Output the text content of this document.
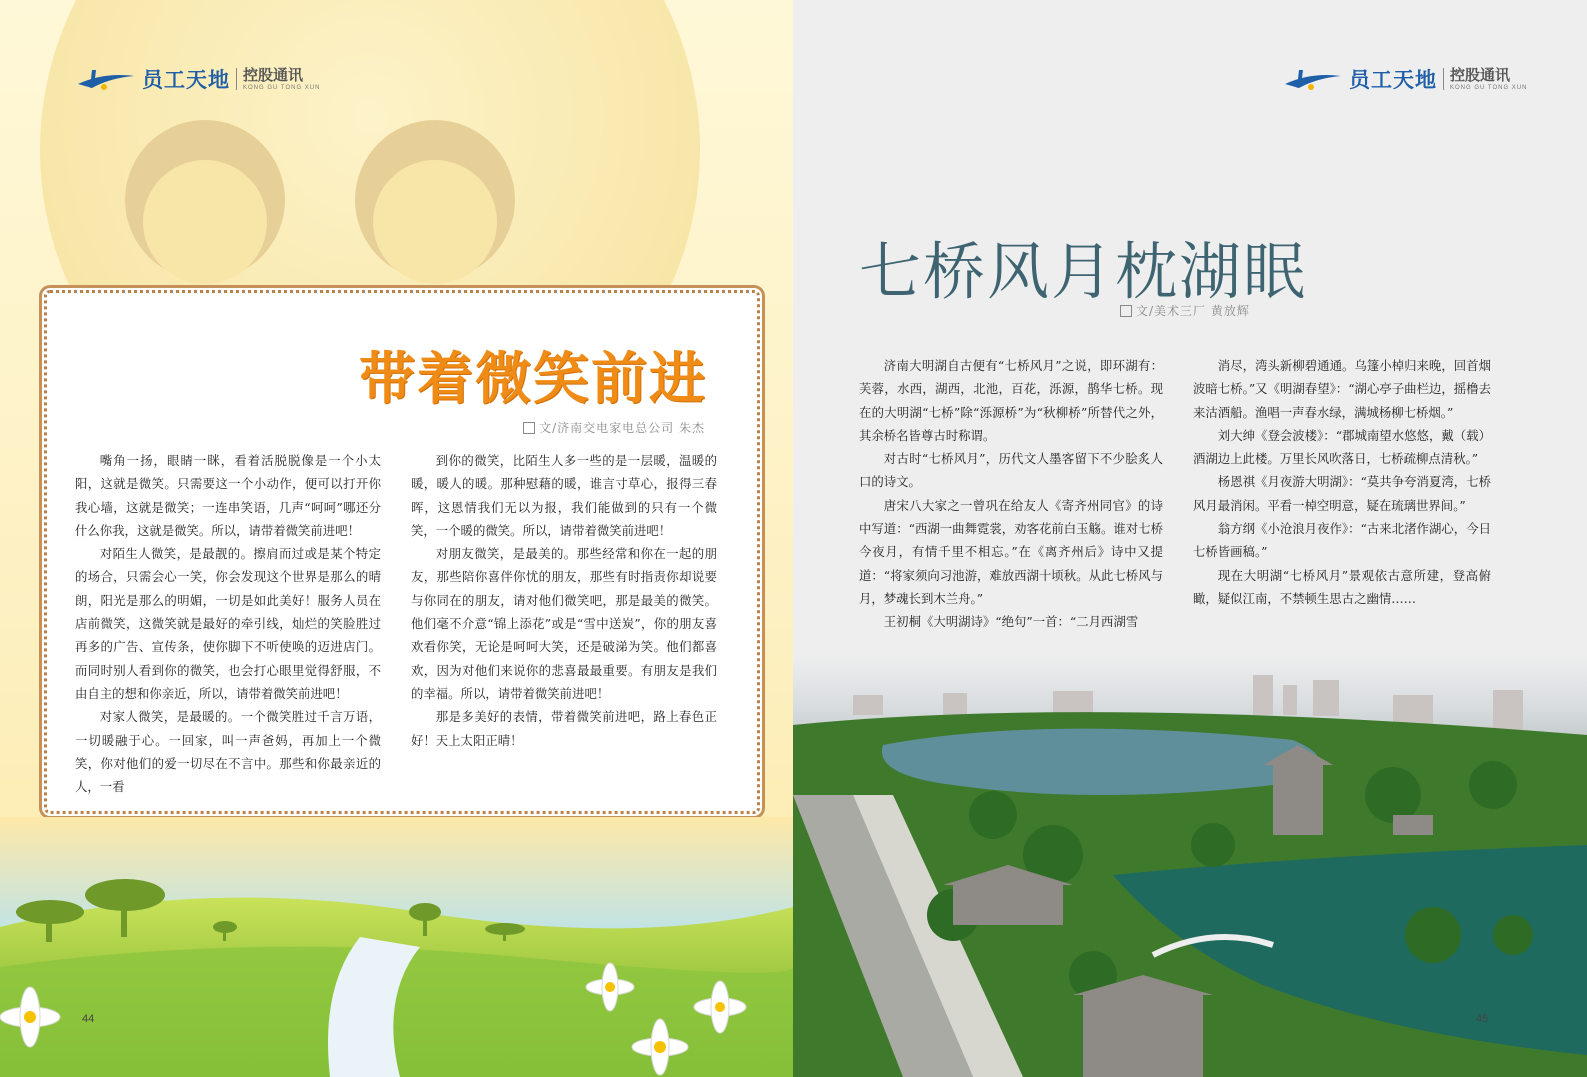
员工天地 控股通讯
KONG GU TONG XUN
带着微笑前进
文/济南交电家电总公司 朱杰

嘴角一扬，眼睛一眯，看着活脱脱像是一个小太阳，这就是微笑。只需要这一个小动作，便可以打开你我心墙，这就是微笑；一连串笑语，几声“呵呵”哪还分什么你我，这就是微笑。所以，请带着微笑前进吧！

对陌生人微笑，是最靓的。擦肩而过或是某个特定的场合，只需会心一笑，你会发现这个世界是那么的晴朗，阳光是那么的明媚，一切是如此美好！服务人员在店前微笑，这微笑就是最好的牵引线，灿烂的笑脸胜过再多的广告、宣传条，使你脚下不听使唤的迈进店门。而同时别人看到你的微笑，也会打心眼里觉得舒服，不由自主的想和你亲近，所以，请带着微笑前进吧！

对家人微笑，是最暖的。一个微笑胜过千言万语，一切暖融于心。一回家，叫一声爸妈，再加上一个微笑，你对他们的爱一切尽在不言中。那些和你最亲近的人，一看

到你的微笑，比陌生人多一些的是一层暖，温暖的暖，暖人的暖。那种慰藉的暖，谁言寸草心，报得三春晖，这恩情我们无以为报，我们能做到的只有一个微笑，一个暖的微笑。所以，请带着微笑前进吧！

对朋友微笑，是最美的。那些经常和你在一起的朋友，那些陪你喜伴你忧的朋友，那些有时指责你却说要与你同在的朋友，请对他们微笑吧，那是最美的微笑。他们毫不介意“锦上添花”或是“雪中送炭”，你的朋友喜欢看你笑，无论是呵呵大笑，还是破涕为笑。他们都喜欢，因为对他们来说你的悲喜最最重要。有朋友是我们的幸福。所以，请带着微笑前进吧！

那是多美好的表情，带着微笑前进吧，路上春色正好！天上太阳正晴！

44
员工天地 控股通讯
KONG GU TONG XUN
七桥风月枕湖眠
文/美术三厂 黄放辉

济南大明湖自古便有“七桥风月”之说，即环湖有：芙蓉，水西，湖西，北池，百花，泺源，鹊华七桥。现在的大明湖“七桥”除“泺源桥”为“秋柳桥”所替代之外，其余桥名皆尊古时称谓。

对古时“七桥风月”，历代文人墨客留下不少脍炙人口的诗文。

唐宋八大家之一曾巩在给友人《寄齐州同官》的诗中写道：“西湖一曲舞霓裳，劝客花前白玉觞。谁对七桥今夜月，有情千里不相忘。”在《离齐州后》诗中又提道：“将家须向习池游，难放西湖十顷秋。从此七桥风与月，梦魂长到木兰舟。”

王初桐《大明湖诗》“绝句”一首：“二月西湖雪

消尽，湾头新柳碧通通。乌篷小棹归来晚，回首烟波暗七桥。”又《明湖春望》：“湖心亭子曲栏边，摇橹去来沽酒船。渔唱一声春水绿，满城杨柳七桥烟。”

刘大绅《登会波楼》：“郡城南望水悠悠，戴（载）酒湖边上此楼。万里长风吹落日，七桥疏柳点清秋。”

杨恩祺《月夜游大明湖》：“莫共争夸消夏湾，七桥风月最消闲。平看一棹空明意，疑在琉璃世界间。”

翁方纲《小沧浪月夜作》：“古来北渚作湖心，今日七桥皆画稿。”

现在大明湖“七桥风月”景观依古意所建，登高俯瞰，疑似江南，不禁顿生思古之幽情……

45
